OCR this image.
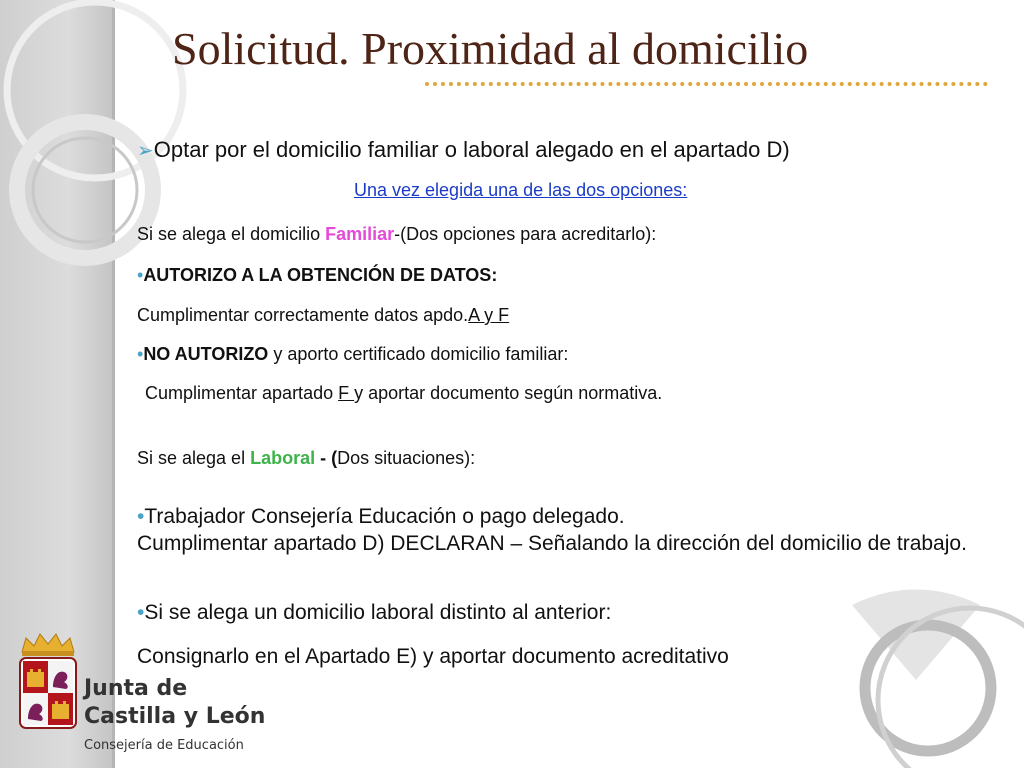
Solicitud. Proximidad al domicilio
➢Optar por el domicilio familiar o laboral alegado en el apartado D)
Una vez elegida una de las dos opciones:
Si se alega el domicilio Familiar-(Dos opciones para acreditarlo):
•AUTORIZO A LA OBTENCIÓN DE DATOS:
Cumplimentar correctamente datos apdo.A y F
•NO AUTORIZO y aporto certificado domicilio familiar:
Cumplimentar apartado F y aportar documento según normativa.
Si se alega el Laboral - (Dos situaciones):
•Trabajador Consejería Educación o pago delegado.
Cumplimentar apartado D) DECLARAN – Señalando la dirección del domicilio de trabajo.
•Si se alega un domicilio laboral distinto al anterior:
Consignarlo en el Apartado E) y aportar documento acreditativo
Junta de
Castilla y León
Consejería de Educación
